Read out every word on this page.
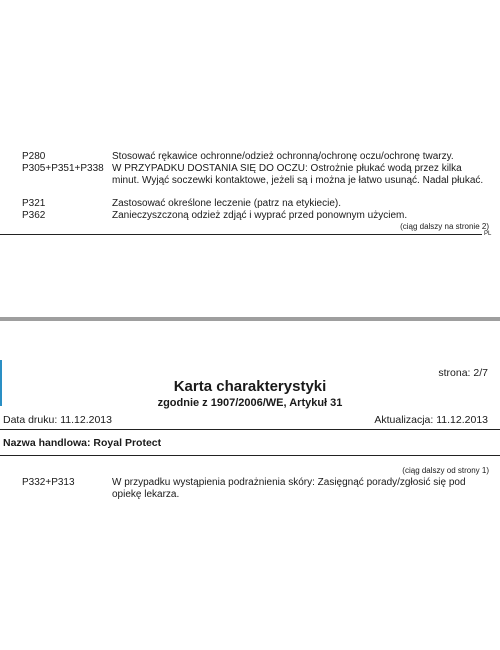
P280	Stosować rękawice ochronne/odzież ochronną/ochronę oczu/ochronę twarzy.
P305+P351+P338 W PRZYPADKU DOSTANIA SIĘ DO OCZU: Ostrożnie płukać wodą przez kilka minut. Wyjąć soczewki kontaktowe, jeżeli są i można je łatwo usunąć. Nadal płukać.
P321	Zastosować określone leczenie (patrz na etykiecie).
P362	Zanieczyszczoną odzież zdjąć i wyprać przed ponownym użyciem.
(ciąg dalszy na stronie 2)
PL
strona: 2/7
Karta charakterystyki
zgodnie z 1907/2006/WE, Artykuł 31
Data druku: 11.12.2013	Aktualizacja: 11.12.2013
Nazwa handlowa: Royal Protect
(ciąg dalszy od strony 1)
P332+P313	W przypadku wystąpienia podrażnienia skóry: Zasięgnąć porady/zgłosić się pod opiekę lekarza.
